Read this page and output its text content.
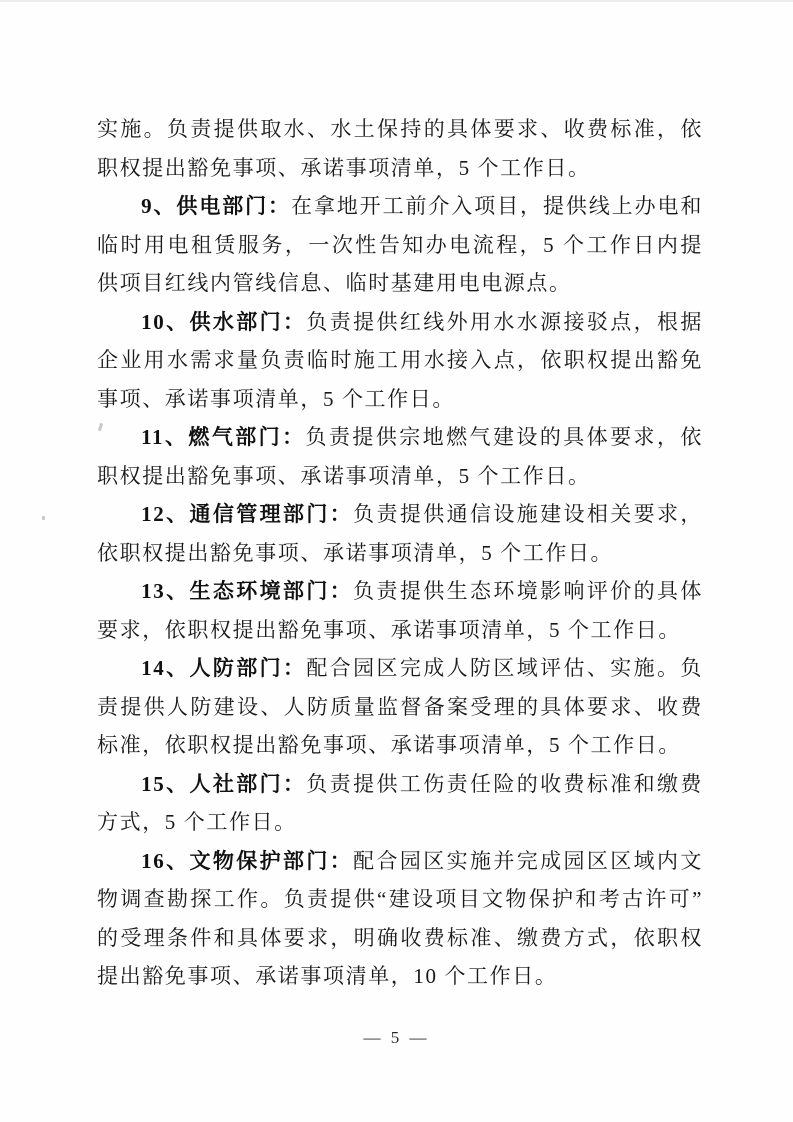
实施。负责提供取水、水土保持的具体要求、收费标准，依职权提出豁免事项、承诺事项清单，5 个工作日。

9、供电部门：在拿地开工前介入项目，提供线上办电和临时用电租赁服务，一次性告知办电流程，5 个工作日内提供项目红线内管线信息、临时基建用电电源点。

10、供水部门：负责提供红线外用水水源接驳点，根据企业用水需求量负责临时施工用水接入点，依职权提出豁免事项、承诺事项清单，5 个工作日。

11、燃气部门：负责提供宗地燃气建设的具体要求，依职权提出豁免事项、承诺事项清单，5 个工作日。

12、通信管理部门：负责提供通信设施建设相关要求，依职权提出豁免事项、承诺事项清单，5 个工作日。

13、生态环境部门：负责提供生态环境影响评价的具体要求，依职权提出豁免事项、承诺事项清单，5 个工作日。

14、人防部门：配合园区完成人防区域评估、实施。负责提供人防建设、人防质量监督备案受理的具体要求、收费标准，依职权提出豁免事项、承诺事项清单，5 个工作日。

15、人社部门：负责提供工伤责任险的收费标准和缴费方式，5 个工作日。

16、文物保护部门：配合园区实施并完成园区区域内文物调查勘探工作。负责提供“建设项目文物保护和考古许可”的受理条件和具体要求，明确收费标准、缴费方式，依职权提出豁免事项、承诺事项清单，10 个工作日。

— 5 —
